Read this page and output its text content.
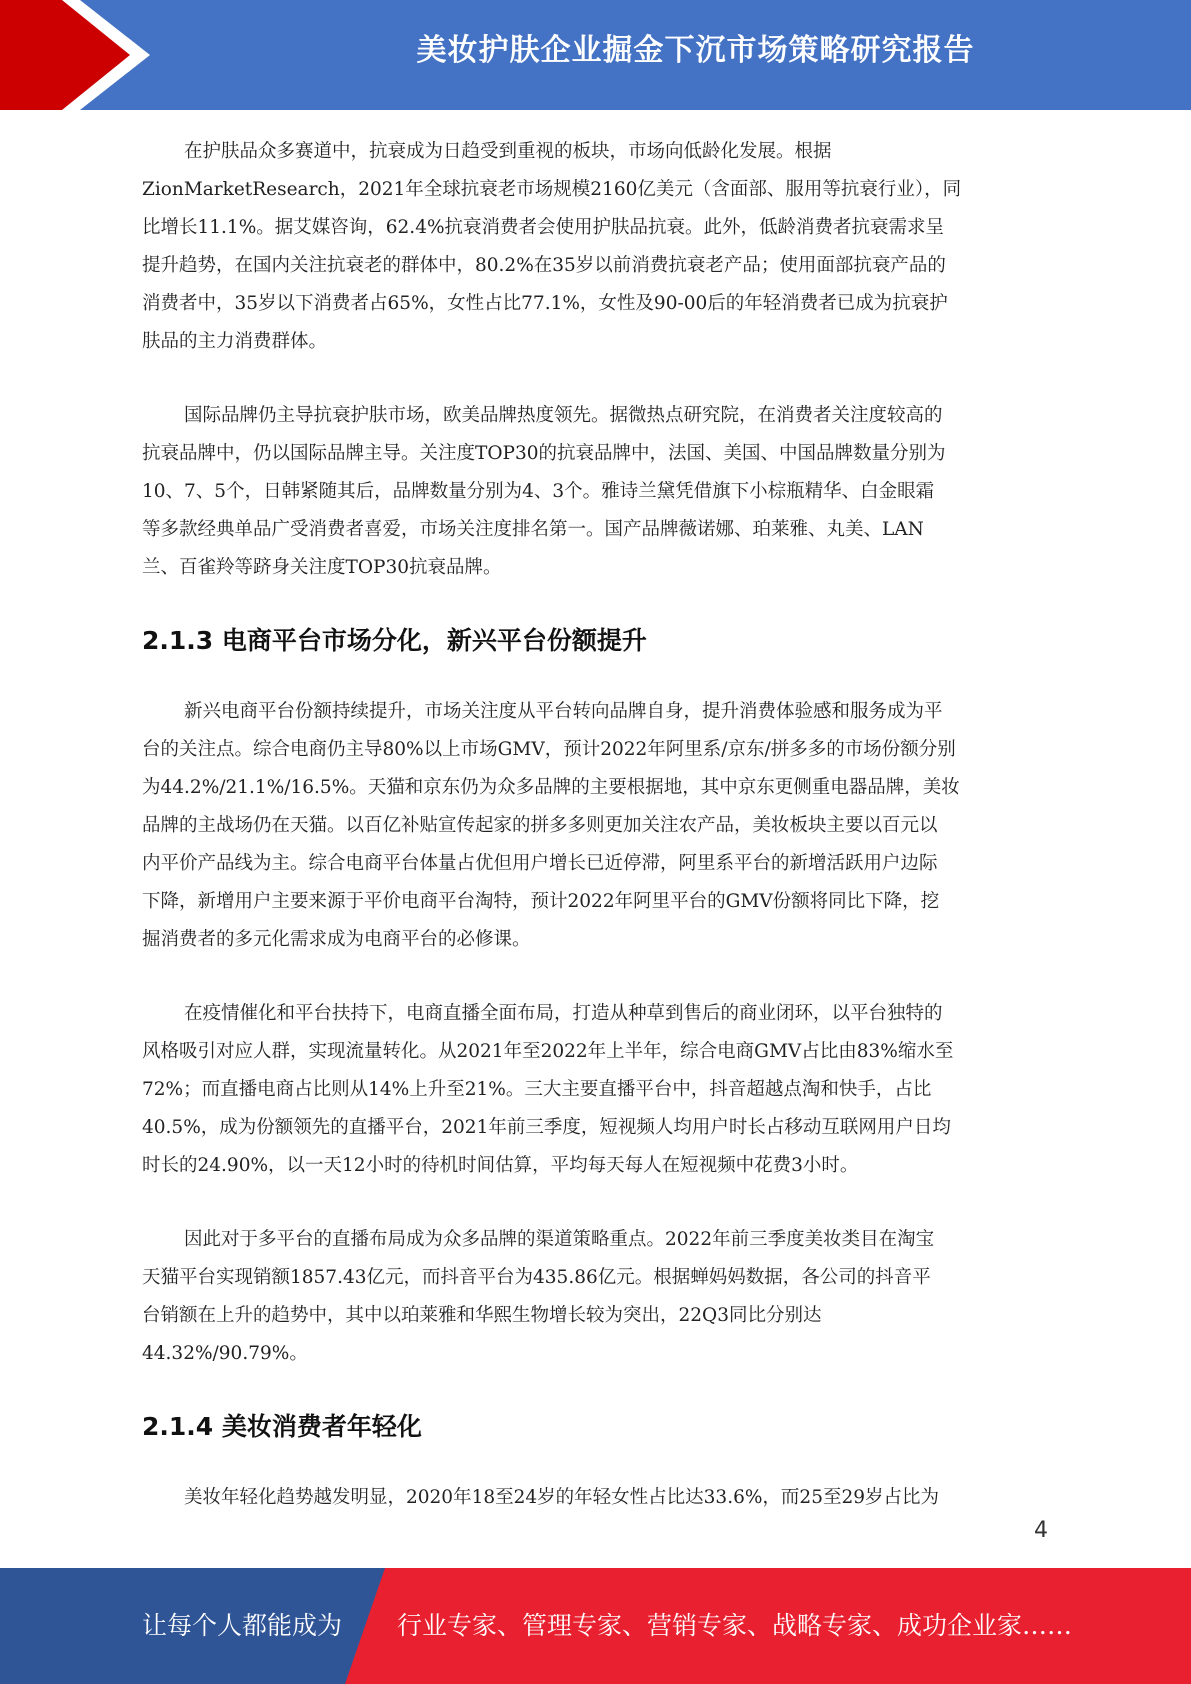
美妆护肤企业掘金下沉市场策略研究报告

在护肤品众多赛道中，抗衰成为日趋受到重视的板块，市场向低龄化发展。根据
ZionMarketResearch，2021年全球抗衰老市场规模2160亿美元（含面部、服用等抗衰行业），同
比增长11.1%。据艾媒咨询，62.4%抗衰消费者会使用护肤品抗衰。此外，低龄消费者抗衰需求呈
提升趋势，在国内关注抗衰老的群体中，80.2%在35岁以前消费抗衰老产品；使用面部抗衰产品的
消费者中，35岁以下消费者占65%，女性占比77.1%，女性及90-00后的年轻消费者已成为抗衰护
肤品的主力消费群体。

国际品牌仍主导抗衰护肤市场，欧美品牌热度领先。据微热点研究院，在消费者关注度较高的
抗衰品牌中，仍以国际品牌主导。关注度TOP30的抗衰品牌中，法国、美国、中国品牌数量分别为
10、7、5个，日韩紧随其后，品牌数量分别为4、3个。雅诗兰黛凭借旗下小棕瓶精华、白金眼霜
等多款经典单品广受消费者喜爱，市场关注度排名第一。国产品牌薇诺娜、珀莱雅、丸美、LAN
兰、百雀羚等跻身关注度TOP30抗衰品牌。

2.1.3 电商平台市场分化，新兴平台份额提升

新兴电商平台份额持续提升，市场关注度从平台转向品牌自身，提升消费体验感和服务成为平
台的关注点。综合电商仍主导80%以上市场GMV，预计2022年阿里系/京东/拼多多的市场份额分别
为44.2%/21.1%/16.5%。天猫和京东仍为众多品牌的主要根据地，其中京东更侧重电器品牌，美妆
品牌的主战场仍在天猫。以百亿补贴宣传起家的拼多多则更加关注农产品，美妆板块主要以百元以
内平价产品线为主。综合电商平台体量占优但用户增长已近停滞，阿里系平台的新增活跃用户边际
下降，新增用户主要来源于平价电商平台淘特，预计2022年阿里平台的GMV份额将同比下降，挖
掘消费者的多元化需求成为电商平台的必修课。

在疫情催化和平台扶持下，电商直播全面布局，打造从种草到售后的商业闭环，以平台独特的
风格吸引对应人群，实现流量转化。从2021年至2022年上半年，综合电商GMV占比由83%缩水至
72%；而直播电商占比则从14%上升至21%。三大主要直播平台中，抖音超越点淘和快手，占比
40.5%，成为份额领先的直播平台，2021年前三季度，短视频人均用户时长占移动互联网用户日均
时长的24.90%，以一天12小时的待机时间估算，平均每天每人在短视频中花费3小时。

因此对于多平台的直播布局成为众多品牌的渠道策略重点。2022年前三季度美妆类目在淘宝
天猫平台实现销额1857.43亿元，而抖音平台为435.86亿元。根据蝉妈妈数据，各公司的抖音平
台销额在上升的趋势中，其中以珀莱雅和华熙生物增长较为突出，22Q3同比分别达
44.32%/90.79%。

2.1.4 美妆消费者年轻化

美妆年轻化趋势越发明显，2020年18至24岁的年轻女性占比达33.6%，而25至29岁占比为

4
让每个人都能成为 行业专家、管理专家、营销专家、战略专家、成功企业家……
